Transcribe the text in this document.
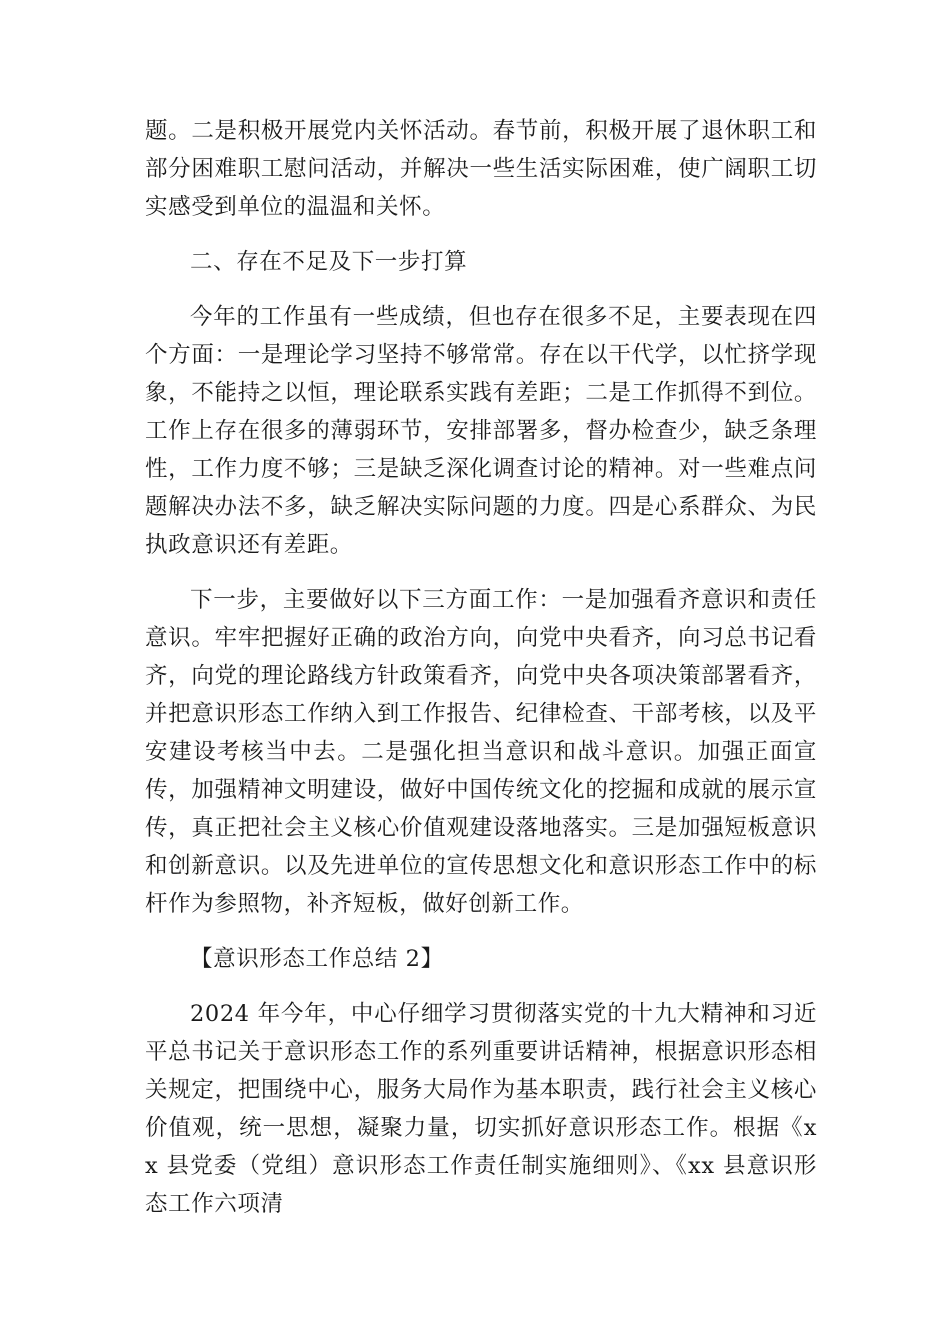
题。二是积极开展党内关怀活动。春节前，积极开展了退休职工和部分困难职工慰问活动，并解决一些生活实际困难，使广阔职工切实感受到单位的温温和关怀。

二、存在不足及下一步打算

今年的工作虽有一些成绩，但也存在很多不足，主要表现在四个方面：一是理论学习坚持不够常常。存在以干代学，以忙挤学现象，不能持之以恒，理论联系实践有差距；二是工作抓得不到位。工作上存在很多的薄弱环节，安排部署多，督办检查少，缺乏条理性，工作力度不够；三是缺乏深化调查讨论的精神。对一些难点问题解决办法不多，缺乏解决实际问题的力度。四是心系群众、为民执政意识还有差距。

下一步，主要做好以下三方面工作：一是加强看齐意识和责任意识。牢牢把握好正确的政治方向，向党中央看齐，向习总书记看齐，向党的理论路线方针政策看齐，向党中央各项决策部署看齐，并把意识形态工作纳入到工作报告、纪律检查、干部考核，以及平安建设考核当中去。二是强化担当意识和战斗意识。加强正面宣传，加强精神文明建设，做好中国传统文化的挖掘和成就的展示宣传，真正把社会主义核心价值观建设落地落实。三是加强短板意识和创新意识。以及先进单位的宣传思想文化和意识形态工作中的标杆作为参照物，补齐短板，做好创新工作。

【意识形态工作总结 2】

2024 年今年，中心仔细学习贯彻落实党的十九大精神和习近平总书记关于意识形态工作的系列重要讲话精神，根据意识形态相关规定，把围绕中心，服务大局作为基本职责，践行社会主义核心价值观，统一思想，凝聚力量，切实抓好意识形态工作。根据《xx 县党委（党组）意识形态工作责任制实施细则》、《xx 县意识形态工作六项清
